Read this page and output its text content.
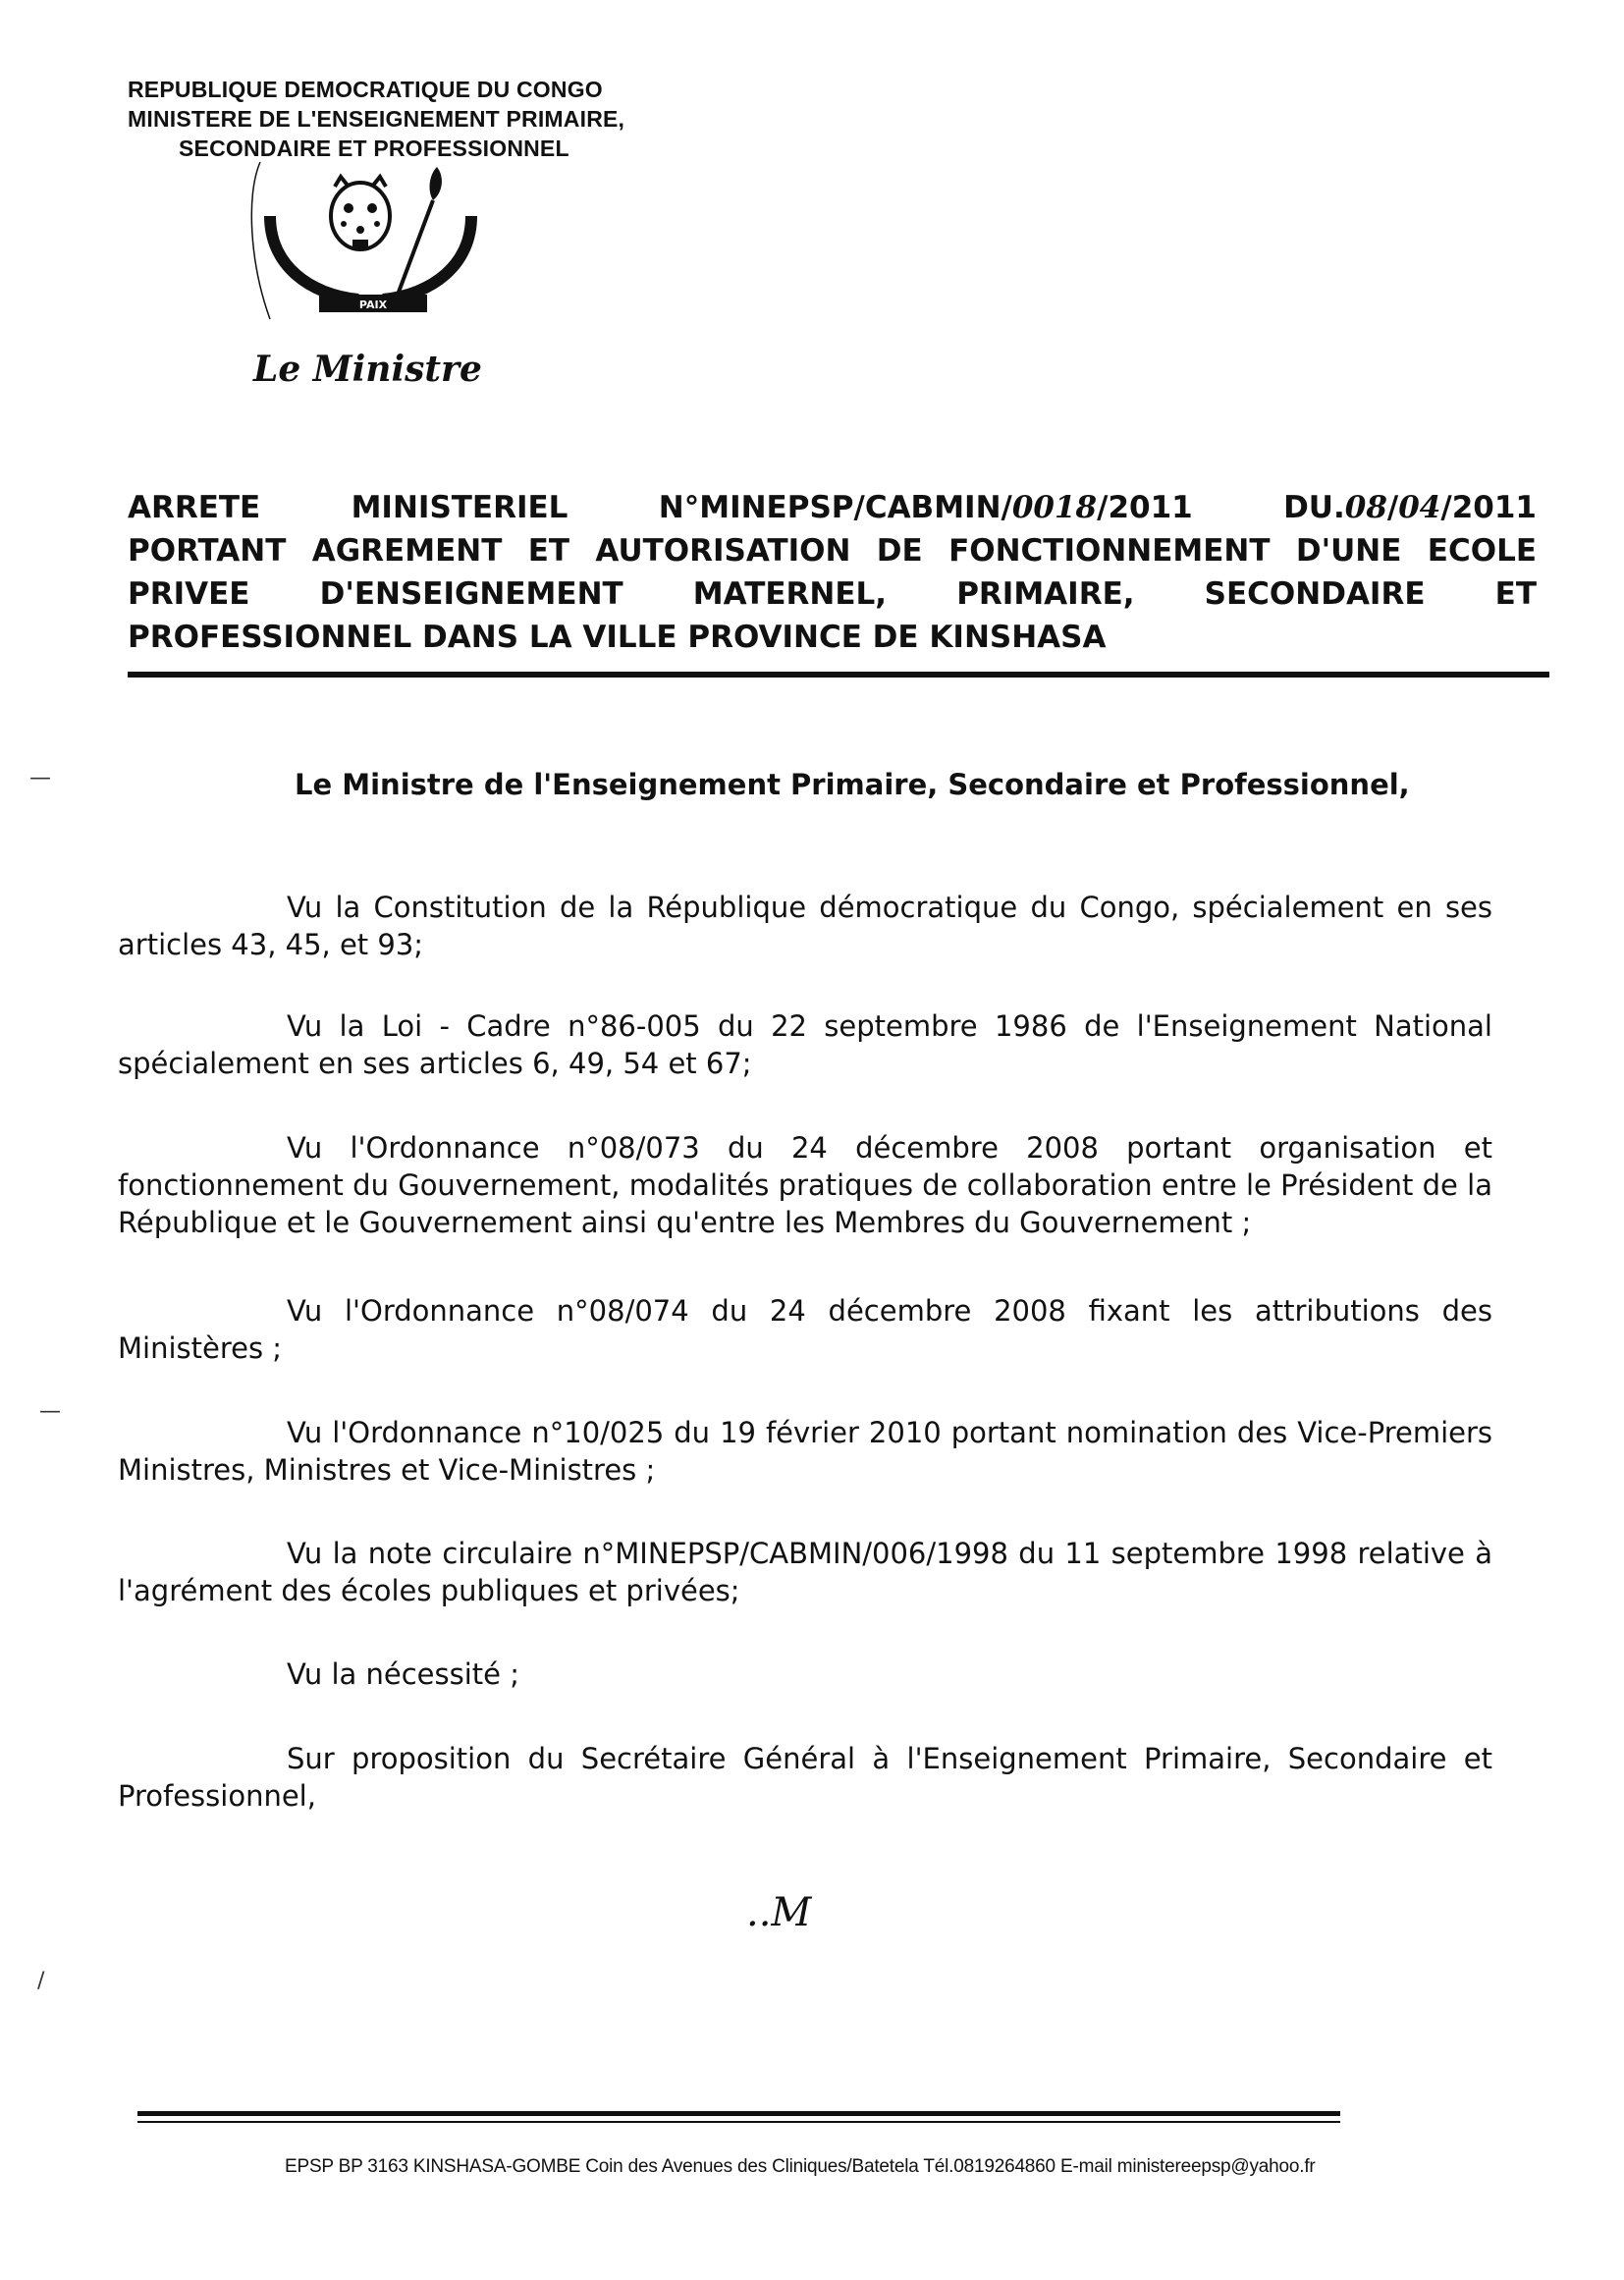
REPUBLIQUE DEMOCRATIQUE DU CONGO
MINISTERE DE L'ENSEIGNEMENT PRIMAIRE,
SECONDAIRE ET PROFESSIONNEL
PAIX
Le Ministre
ARRETE	MINISTERIEL	N°MINEPSP/CABMIN/0018/2011	DU.08/04/2011
PORTANT AGREMENT ET AUTORISATION DE FONCTIONNEMENT D'UNE ECOLE
PRIVEE D'ENSEIGNEMENT MATERNEL, PRIMAIRE, SECONDAIRE ET
PROFESSIONNEL DANS LA VILLE PROVINCE DE KINSHASA
Le Ministre de l'Enseignement Primaire, Secondaire et Professionnel,
Vu la Constitution de la République démocratique du Congo, spécialement en ses articles 43, 45, et 93;
Vu la Loi - Cadre n°86-005 du 22 septembre 1986 de l'Enseignement National spécialement en ses articles 6, 49, 54 et 67;
Vu l'Ordonnance n°08/073 du 24 décembre 2008 portant organisation et fonctionnement du Gouvernement, modalités pratiques de collaboration entre le Président de la République et le Gouvernement ainsi qu'entre les Membres du Gouvernement ;
Vu l'Ordonnance n°08/074 du 24 décembre 2008 fixant les attributions des Ministères ;
Vu l'Ordonnance n°10/025 du 19 février 2010 portant nomination des Vice-Premiers Ministres, Ministres et Vice-Ministres ;
Vu la note circulaire n°MINEPSP/CABMIN/006/1998 du 11 septembre 1998 relative à l'agrément des écoles publiques et privées;
Vu la nécessité ;
Sur proposition du Secrétaire Général à l'Enseignement Primaire, Secondaire et Professionnel,
..M
—
—
/
EPSP BP 3163 KINSHASA-GOMBE Coin des Avenues des Cliniques/Batetela Tél.0819264860 E-mail ministereepsp@yahoo.fr
